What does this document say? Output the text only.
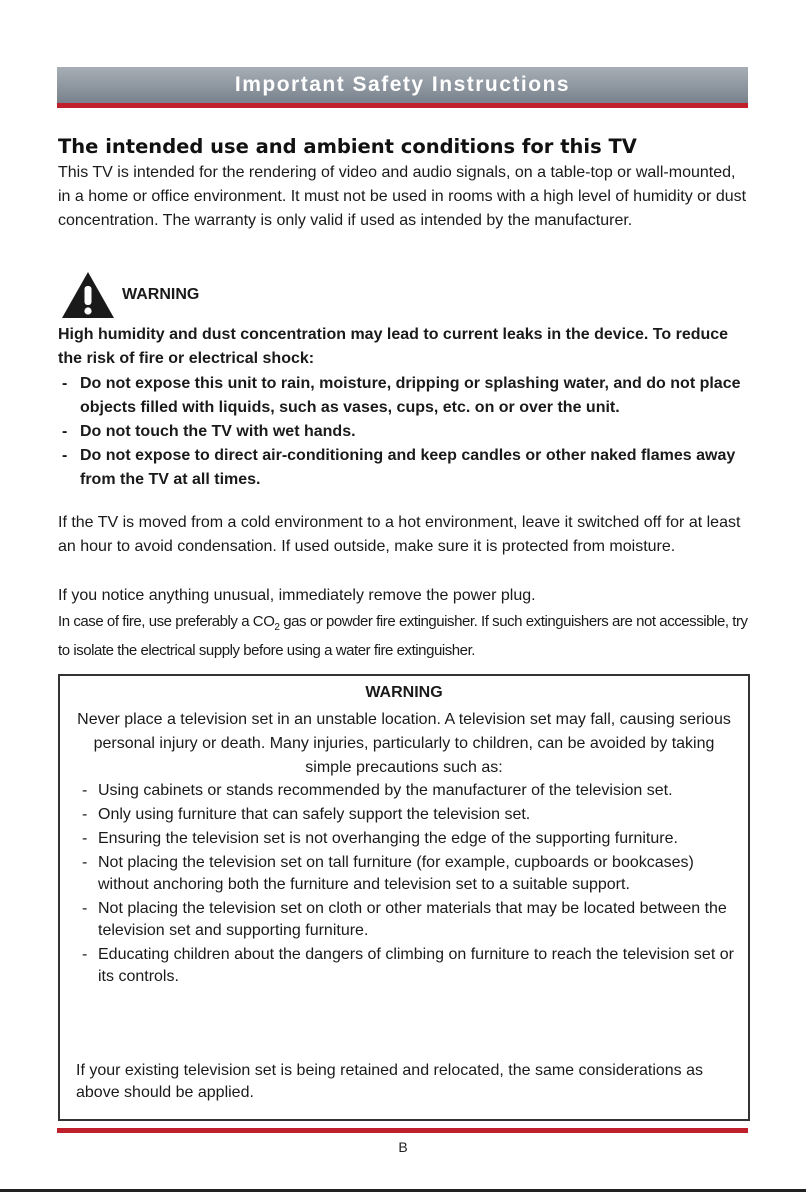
Important Safety Instructions
The intended use and ambient conditions for this TV

This TV is intended for the rendering of video and audio signals, on a table-top or wall-mounted, in a home or office environment. It must not be used in rooms with a high level of humidity or dust concentration. The warranty is only valid if used as intended by the manufacturer.

WARNING

High humidity and dust concentration may lead to current leaks in the device. To reduce the risk of fire or electrical shock:

- Do not expose this unit to rain, moisture, dripping or splashing water, and do not place objects filled with liquids, such as vases, cups, etc. on or over the unit.
- Do not touch the TV with wet hands.
- Do not expose to direct air-conditioning and keep candles or other naked flames away from the TV at all times.

If the TV is moved from a cold environment to a hot environment, leave it switched off for at least an hour to avoid condensation. If used outside, make sure it is protected from moisture.

If you notice anything unusual, immediately remove the power plug.

In case of fire, use preferably a $CO_2$ gas or powder fire extinguisher. If such extinguishers are not accessible, try to isolate the electrical supply before using a water fire extinguisher.

WARNING

Never place a television set in an unstable location. A television set may fall, causing serious personal injury or death. Many injuries, particularly to children, can be avoided by taking simple precautions such as:

- Using cabinets or stands recommended by the manufacturer of the television set.
- Only using furniture that can safely support the television set.
- Ensuring the television set is not overhanging the edge of the supporting furniture.
- Not placing the television set on tall furniture (for example, cupboards or bookcases) without anchoring both the furniture and television set to a suitable support.
- Not placing the television set on cloth or other materials that may be located between the television set and supporting furniture.
- Educating children about the dangers of climbing on furniture to reach the television set or its controls.

If your existing television set is being retained and relocated, the same considerations as above should be applied.

B
